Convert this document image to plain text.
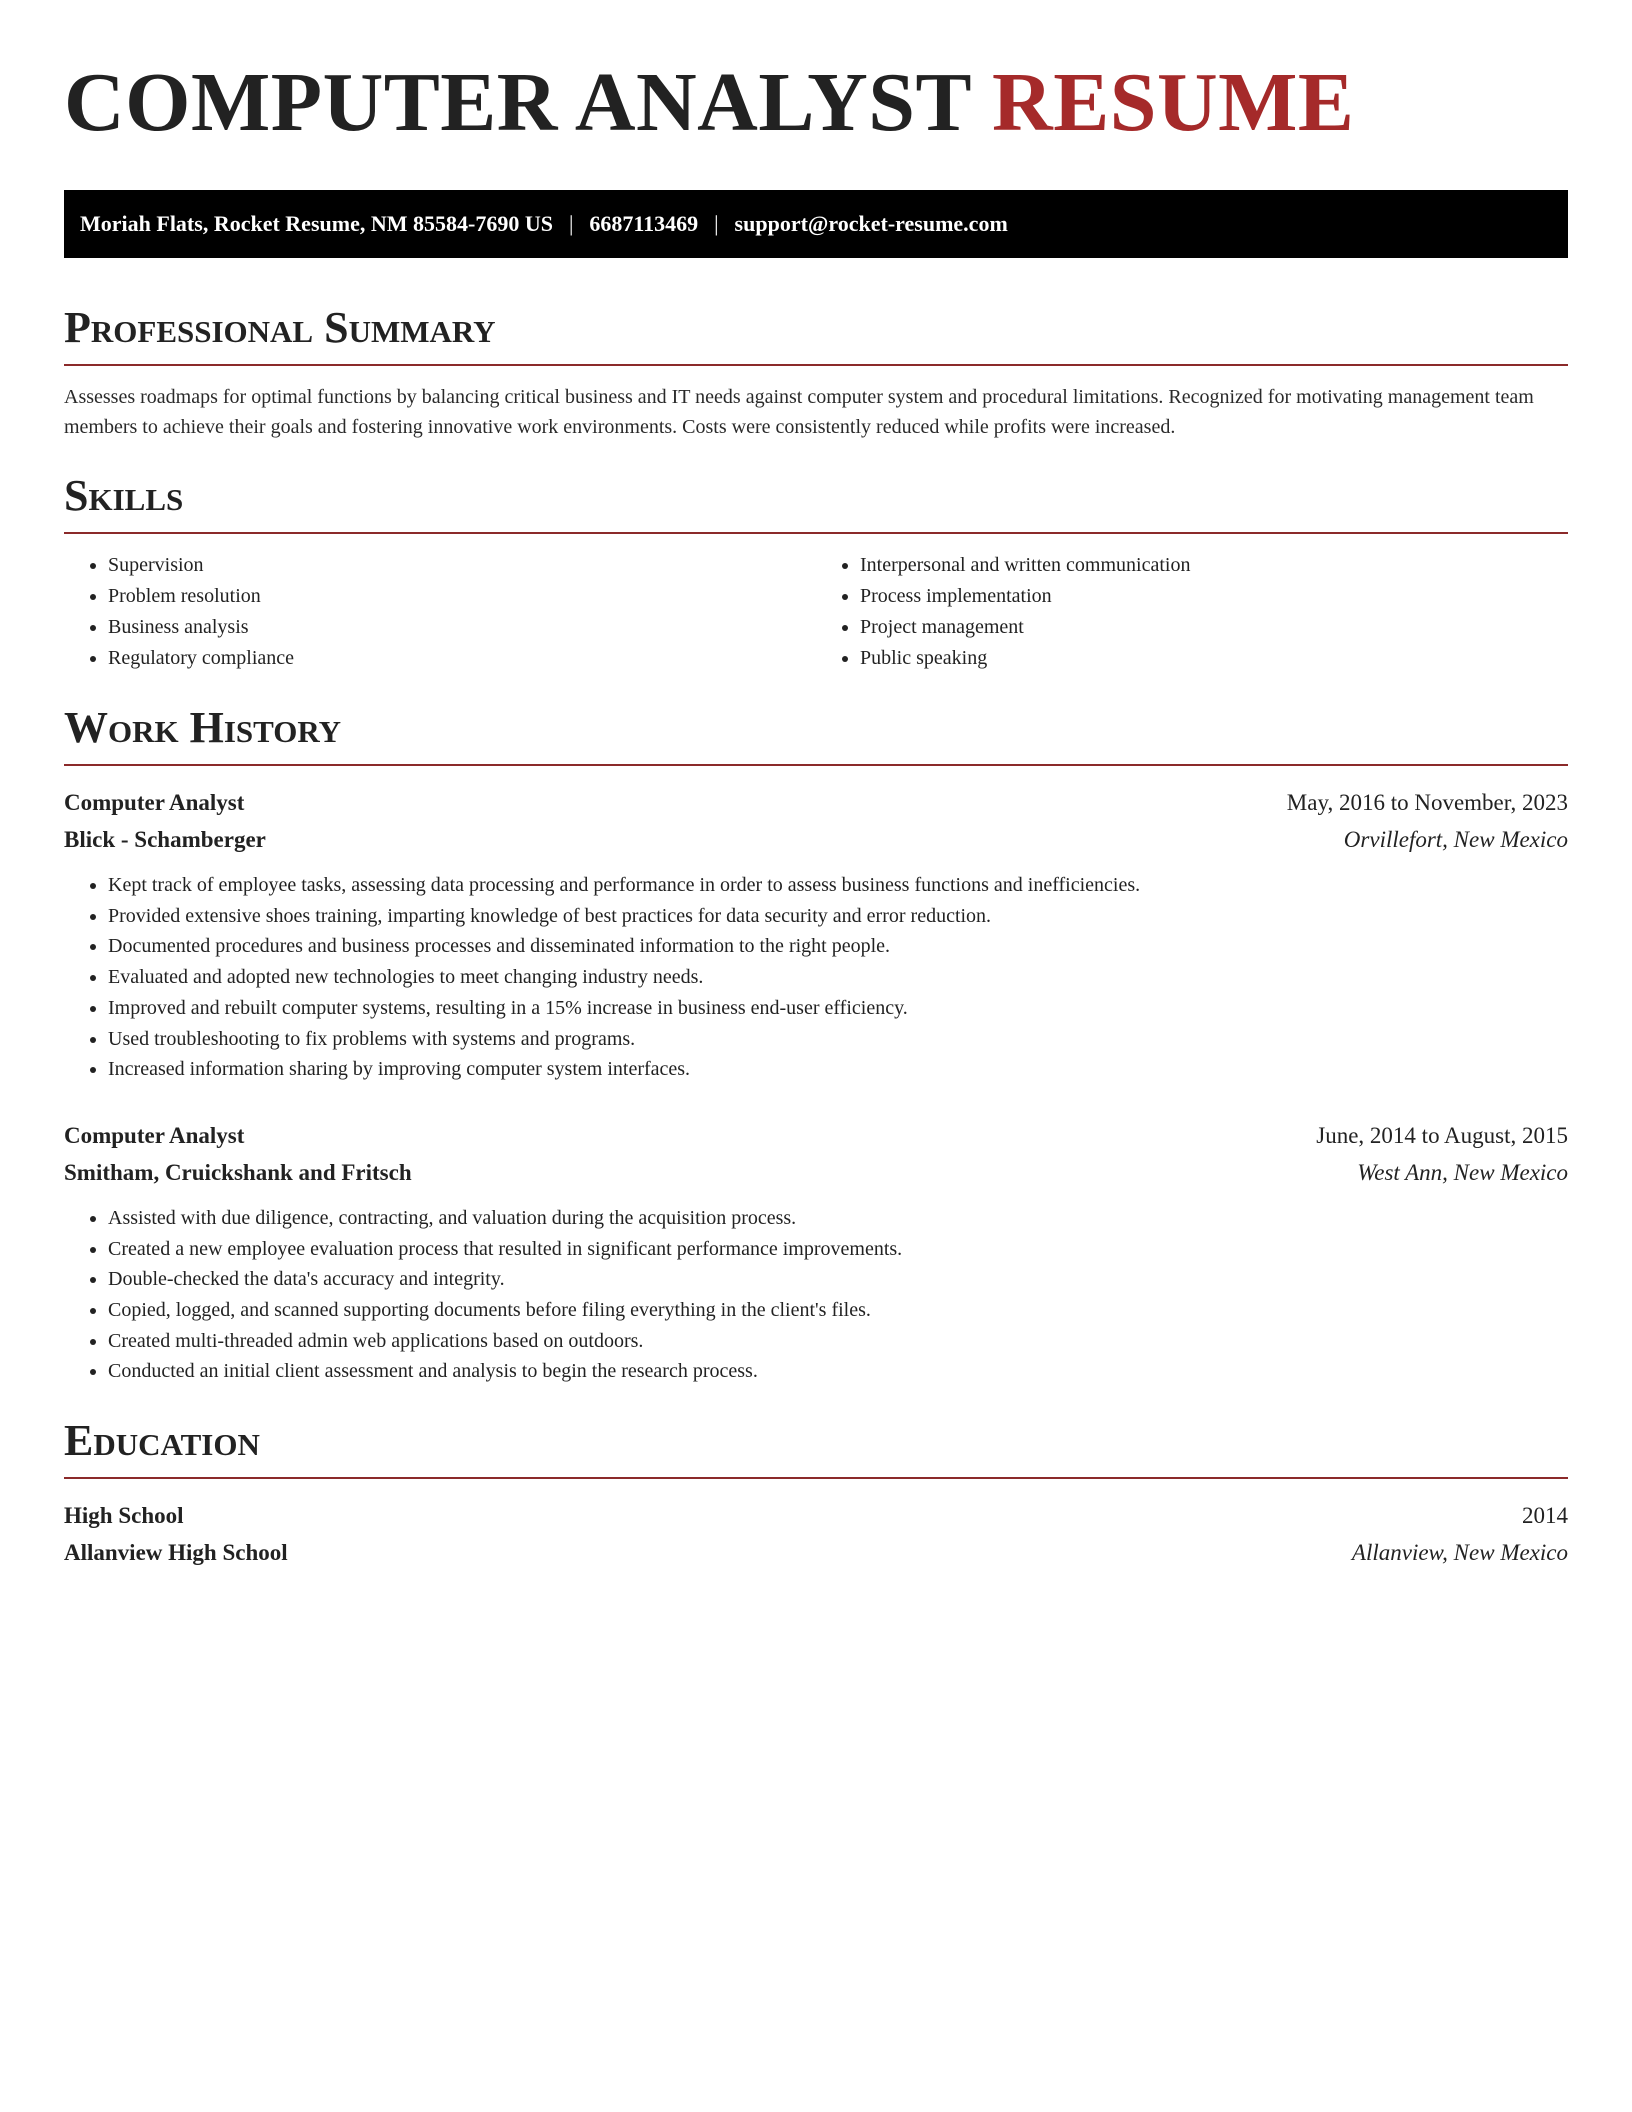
COMPUTER ANALYST RESUME
Moriah Flats, Rocket Resume, NM 85584-7690 US | 6687113469 | support@rocket-resume.com
Professional Summary

Assesses roadmaps for optimal functions by balancing critical business and IT needs against computer system and procedural limitations. Recognized for motivating management team members to achieve their goals and fostering innovative work environments. Costs were consistently reduced while profits were increased.

Skills
• Supervision
• Problem resolution
• Business analysis
• Regulatory compliance
• Interpersonal and written communication
• Process implementation
• Project management
• Public speaking
Work History
Computer Analyst	May, 2016 to November, 2023
Blick - Schamberger	Orvillefort, New Mexico
• Kept track of employee tasks, assessing data processing and performance in order to assess business functions and inefficiencies.
• Provided extensive shoes training, imparting knowledge of best practices for data security and error reduction.
• Documented procedures and business processes and disseminated information to the right people.
• Evaluated and adopted new technologies to meet changing industry needs.
• Improved and rebuilt computer systems, resulting in a 15% increase in business end-user efficiency.
• Used troubleshooting to fix problems with systems and programs.
• Increased information sharing by improving computer system interfaces.
Computer Analyst	June, 2014 to August, 2015
Smitham, Cruickshank and Fritsch	West Ann, New Mexico
• Assisted with due diligence, contracting, and valuation during the acquisition process.
• Created a new employee evaluation process that resulted in significant performance improvements.
• Double-checked the data's accuracy and integrity.
• Copied, logged, and scanned supporting documents before filing everything in the client's files.
• Created multi-threaded admin web applications based on outdoors.
• Conducted an initial client assessment and analysis to begin the research process.
Education
High School	2014
Allanview High School	Allanview, New Mexico
